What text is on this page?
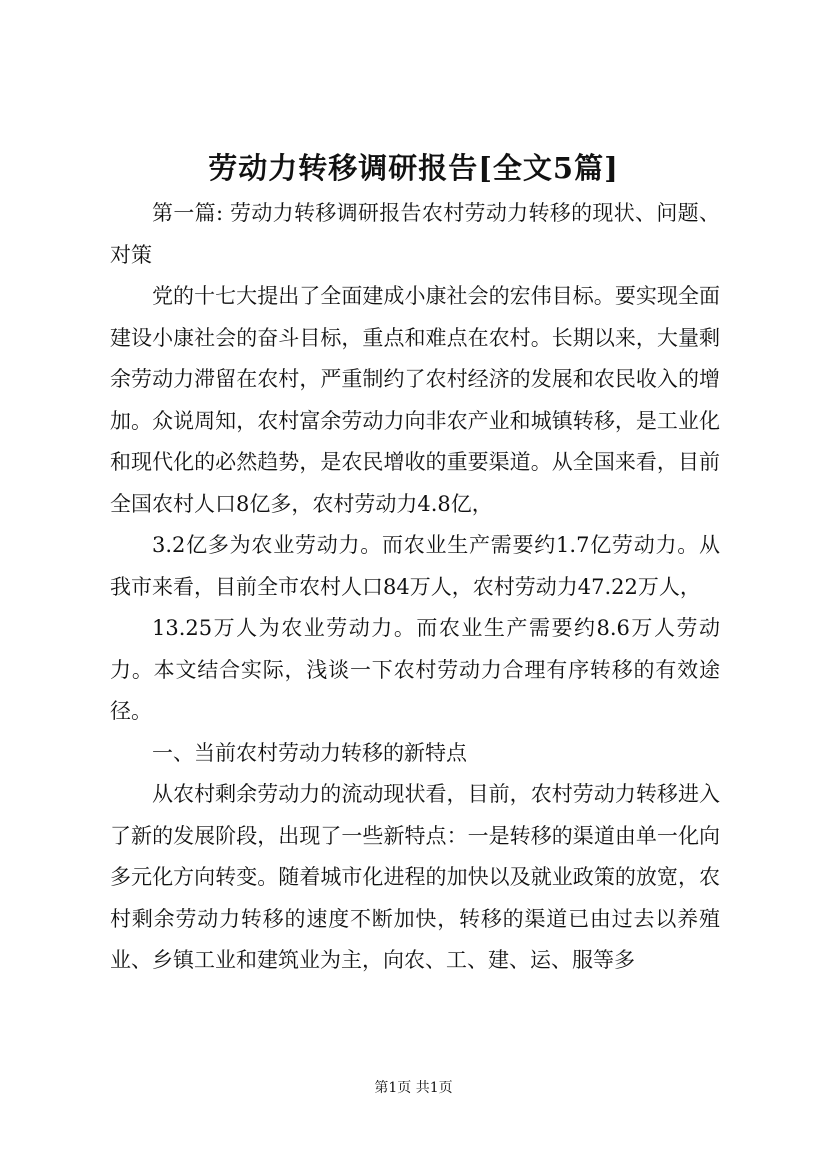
劳动力转移调研报告[全文5篇]

第一篇: 劳动力转移调研报告农村劳动力转移的现状、问题、对策

党的十七大提出了全面建成小康社会的宏伟目标。要实现全面建设小康社会的奋斗目标，重点和难点在农村。长期以来，大量剩余劳动力滞留在农村，严重制约了农村经济的发展和农民收入的增加。众说周知，农村富余劳动力向非农产业和城镇转移，是工业化和现代化的必然趋势，是农民增收的重要渠道。从全国来看，目前全国农村人口8亿多，农村劳动力4.8亿，

3.2亿多为农业劳动力。而农业生产需要约1.7亿劳动力。从我市来看，目前全市农村人口84万人，农村劳动力47.22万人，

13.25万人为农业劳动力。而农业生产需要约8.6万人劳动力。本文结合实际，浅谈一下农村劳动力合理有序转移的有效途径。

一、当前农村劳动力转移的新特点

从农村剩余劳动力的流动现状看，目前，农村劳动力转移进入了新的发展阶段，出现了一些新特点：一是转移的渠道由单一化向多元化方向转变。随着城市化进程的加快以及就业政策的放宽，农村剩余劳动力转移的速度不断加快，转移的渠道已由过去以养殖业、乡镇工业和建筑业为主，向农、工、建、运、服等多

第1页 共1页
